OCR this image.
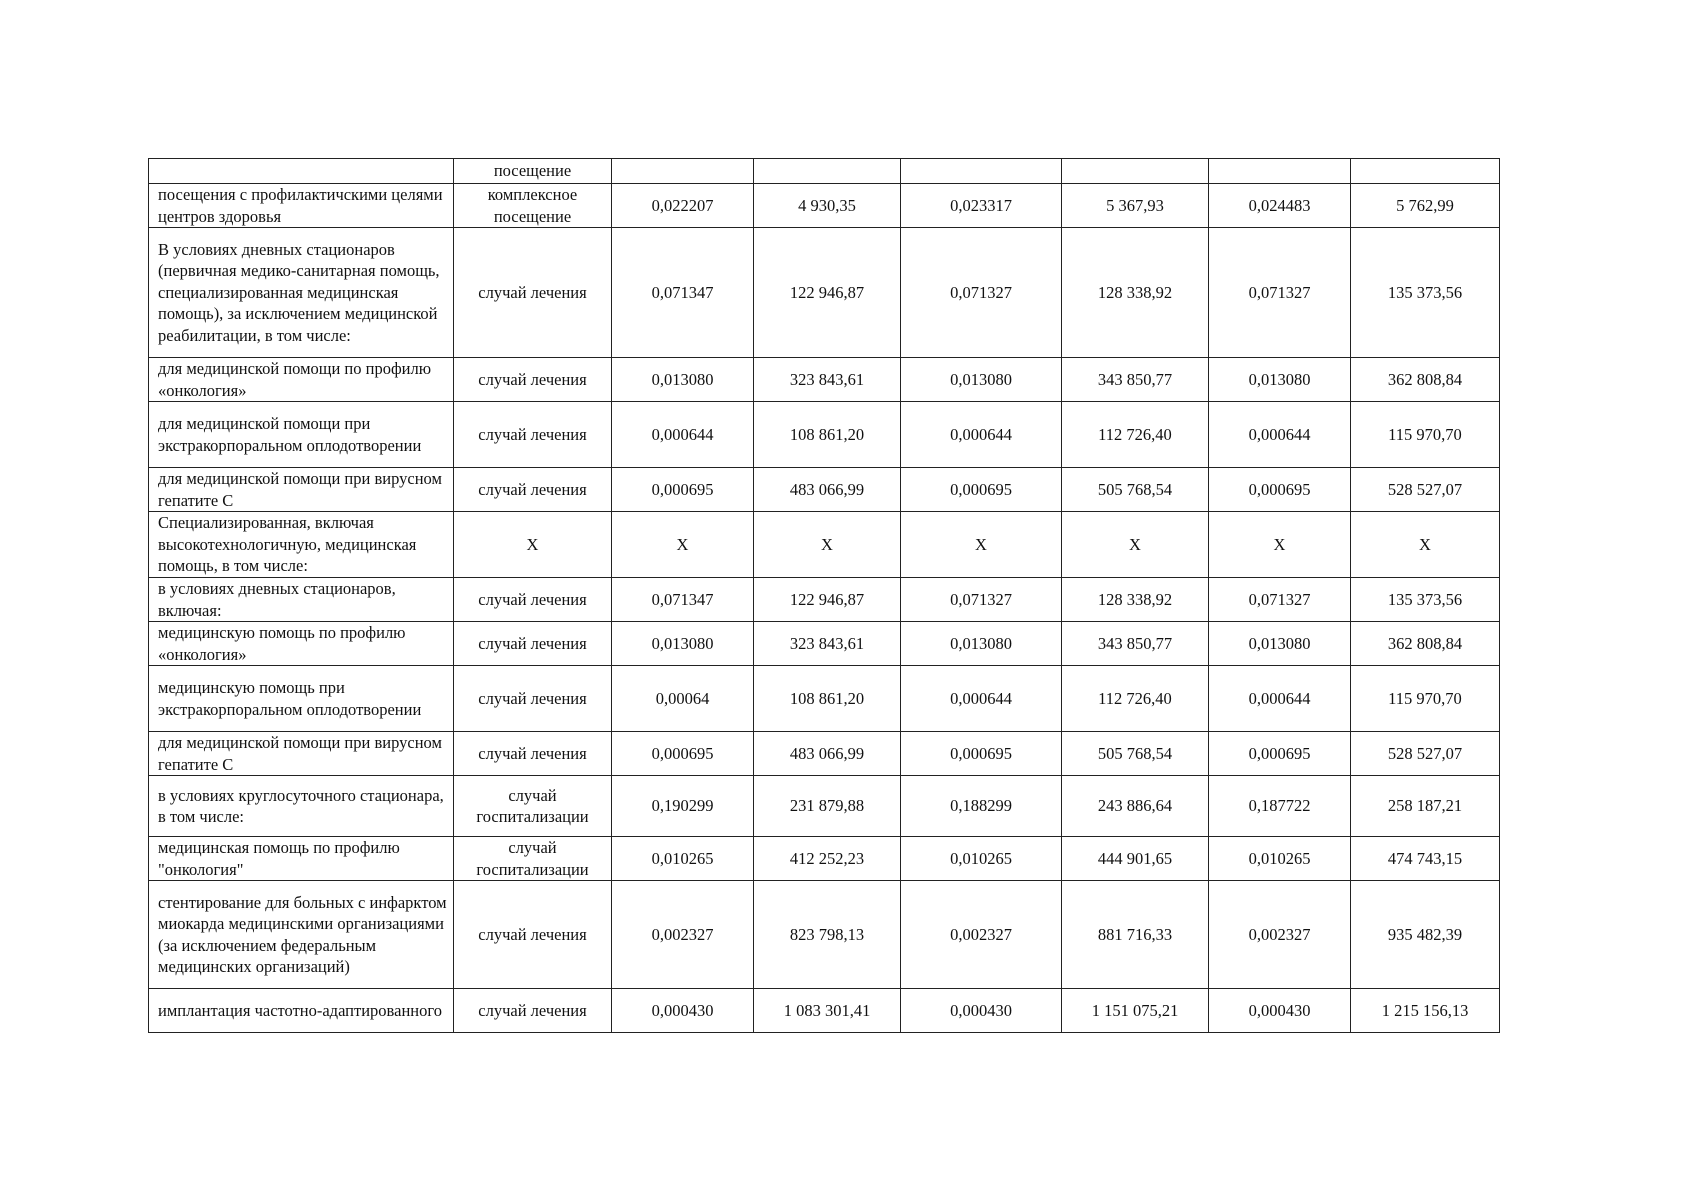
	посещение						
посещения с профилактичскими целями центров здоровья	комплексное посещение	0,022207	4 930,35	0,023317	5 367,93	0,024483	5 762,99
В условиях дневных стационаров (первичная медико-санитарная помощь, специализированная медицинская помощь), за исключением медицинской реабилитации, в том числе:	случай лечения	0,071347	122 946,87	0,071327	128 338,92	0,071327	135 373,56
для медицинской помощи по профилю «онкология»	случай лечения	0,013080	323 843,61	0,013080	343 850,77	0,013080	362 808,84
для медицинской помощи при экстракорпоральном оплодотворении	случай лечения	0,000644	108 861,20	0,000644	112 726,40	0,000644	115 970,70
для медицинской помощи при вирусном гепатите С	случай лечения	0,000695	483 066,99	0,000695	505 768,54	0,000695	528 527,07
Специализированная, включая высокотехнологичную, медицинская помощь, в том числе:	Х	Х	Х	Х	Х	Х	Х
в условиях дневных стационаров, включая:	случай лечения	0,071347	122 946,87	0,071327	128 338,92	0,071327	135 373,56
медицинскую помощь по профилю «онкология»	случай лечения	0,013080	323 843,61	0,013080	343 850,77	0,013080	362 808,84
медицинскую помощь при экстракорпоральном оплодотворении	случай лечения	0,00064	108 861,20	0,000644	112 726,40	0,000644	115 970,70
для медицинской помощи при вирусном гепатите С	случай лечения	0,000695	483 066,99	0,000695	505 768,54	0,000695	528 527,07
в условиях круглосуточного стационара, в том числе:	случай госпитализации	0,190299	231 879,88	0,188299	243 886,64	0,187722	258 187,21
медицинская помощь по профилю "онкология"	случай госпитализации	0,010265	412 252,23	0,010265	444 901,65	0,010265	474 743,15
стентирование для больных с инфарктом миокарда медицинскими организациями (за исключением федеральным медицинских организаций)	случай лечения	0,002327	823 798,13	0,002327	881 716,33	0,002327	935 482,39
имплантация частотно-адаптированного	случай лечения	0,000430	1 083 301,41	0,000430	1 151 075,21	0,000430	1 215 156,13
